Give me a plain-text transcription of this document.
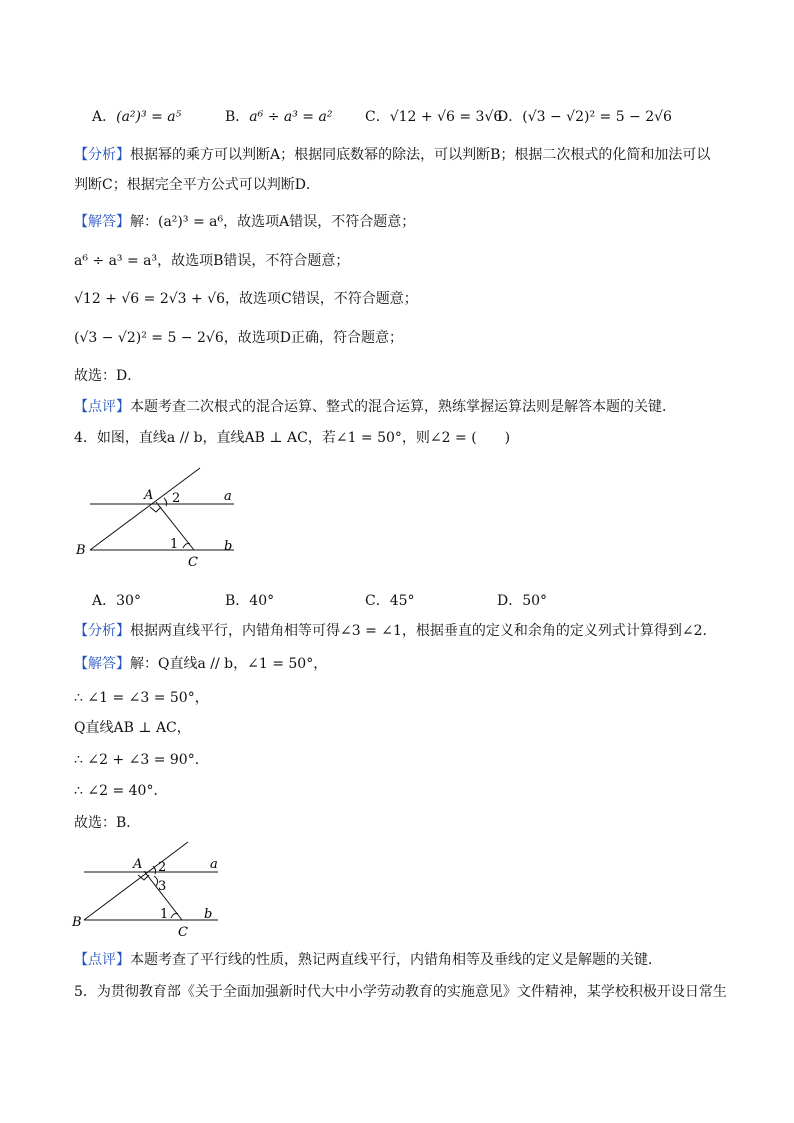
A．(a²)³ = a⁵	B．a⁶ ÷ a³ = a² C．√12 + √6 = 3√6
D．(√3 − √2)² = 5 − 2√6
【分析】根据幂的乘方可以判断A；根据同底数幂的除法，可以判断B；根据二次根式的化简和加法可以
判断C；根据完全平方公式可以判断D．
【解答】解：(a²)³ = a⁶，故选项A错误，不符合题意；
a⁶ ÷ a³ = a³，故选项B错误，不符合题意；
√12 + √6 = 2√3 + √6，故选项C错误，不符合题意；
(√3 − √2)² = 5 − 2√6，故选项D正确，符合题意；
故选：D．
【点评】本题考查二次根式的混合运算、整式的混合运算，熟练掌握运算法则是解答本题的关键．
4．如图，直线a // b，直线AB ⊥ AC，若∠1 = 50°，则∠2 = (　　)
A 2	a
B	1	b
C
A．30°	B．40°	C．45°	D．50°
【分析】根据两直线平行，内错角相等可得∠3 = ∠1，根据垂直的定义和余角的定义列式计算得到∠2．
【解答】解：Q直线a // b，∠1 = 50°，
∴ ∠1 = ∠3 = 50°，
Q直线AB ⊥ AC，
∴ ∠2 + ∠3 = 90°．
∴ ∠2 = 40°．
故选：B．
A 2
3
a
B
1	b
C
【点评】本题考查了平行线的性质，熟记两直线平行，内错角相等及垂线的定义是解题的关键．
5．为贯彻教育部《关于全面加强新时代大中小学劳动教育的实施意见》文件精神，某学校积极开设日常生
